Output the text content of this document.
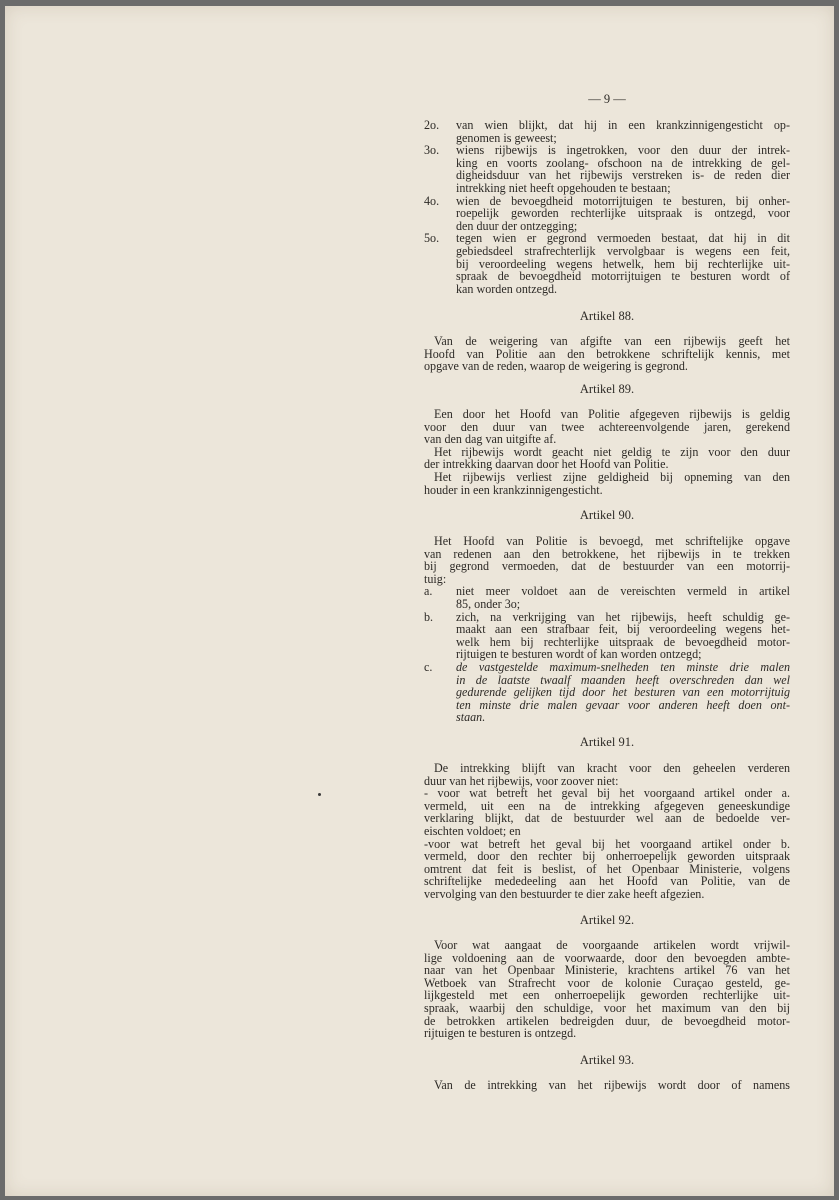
— 9 —
2o.	van wien blijkt, dat hij in een krankzinnigengesticht op-
genomen is geweest;
3o.	wiens rijbewijs is ingetrokken, voor den duur der intrek-
king en voorts zoolang- ofschoon na de intrekking de gel-
digheidsduur van het rijbewijs verstreken is- de reden dier
intrekking niet heeft opgehouden te bestaan;
4o.	wien de bevoegdheid motorrijtuigen te besturen, bij onher-
roepelijk geworden rechterlijke uitspraak is ontzegd, voor
den duur der ontzegging;
5o.	tegen wien er gegrond vermoeden bestaat, dat hij in dit
gebiedsdeel strafrechterlijk vervolgbaar is wegens een feit,
bij veroordeeling wegens hetwelk, hem bij rechterlijke uit-
spraak de bevoegdheid motorrijtuigen te besturen wordt of
kan worden ontzegd.
Artikel 88.
Van de weigering van afgifte van een rijbewijs geeft het
Hoofd van Politie aan den betrokkene schriftelijk kennis, met
opgave van de reden, waarop de weigering is gegrond.
Artikel 89.
Een door het Hoofd van Politie afgegeven rijbewijs is geldig
voor den duur van twee achtereenvolgende jaren, gerekend
van den dag van uitgifte af.
Het rijbewijs wordt geacht niet geldig te zijn voor den duur
der intrekking daarvan door het Hoofd van Politie.
Het rijbewijs verliest zijne geldigheid bij opneming van den
houder in een krankzinnigengesticht.
Artikel 90.
Het Hoofd van Politie is bevoegd, met schriftelijke opgave
van redenen aan den betrokkene, het rijbewijs in te trekken
bij gegrond vermoeden, dat de bestuurder van een motorrij-
tuig:
a.	niet meer voldoet aan de vereischten vermeld in artikel
85, onder 3o;
b.	zich, na verkrijging van het rijbewijs, heeft schuldig ge-
maakt aan een strafbaar feit, bij veroordeeling wegens het-
welk hem bij rechterlijke uitspraak de bevoegdheid motor-
rijtuigen te besturen wordt of kan worden ontzegd;
c.	de vastgestelde maximum-snelheden ten minste drie malen
in de laatste twaalf maanden heeft overschreden dan wel
gedurende gelijken tijd door het besturen van een motorrijtuig
ten minste drie malen gevaar voor anderen heeft doen ont-
staan.
Artikel 91.
De intrekking blijft van kracht voor den geheelen verderen
duur van het rijbewijs, voor zoover niet:
- voor wat betreft het geval bij het voorgaand artikel onder a.
vermeld, uit een na de intrekking afgegeven geneeskundige
verklaring blijkt, dat de bestuurder wel aan de bedoelde ver-
eischten voldoet; en
-voor wat betreft het geval bij het voorgaand artikel onder b.
vermeld, door den rechter bij onherroepelijk geworden uitspraak
omtrent dat feit is beslist, of het Openbaar Ministerie, volgens
schriftelijke mededeeling aan het Hoofd van Politie, van de
vervolging van den bestuurder te dier zake heeft afgezien.
Artikel 92.
Voor wat aangaat de voorgaande artikelen wordt vrijwil-
lige voldoening aan de voorwaarde, door den bevoegden ambte-
naar van het Openbaar Ministerie, krachtens artikel 76 van het
Wetboek van Strafrecht voor de kolonie Curaçao gesteld, ge-
lijkgesteld met een onherroepelijk geworden rechterlijke uit-
spraak, waarbij den schuldige, voor het maximum van den bij
de betrokken artikelen bedreigden duur, de bevoegdheid motor-
rijtuigen te besturen is ontzegd.
Artikel 93.
Van de intrekking van het rijbewijs wordt door of namens
